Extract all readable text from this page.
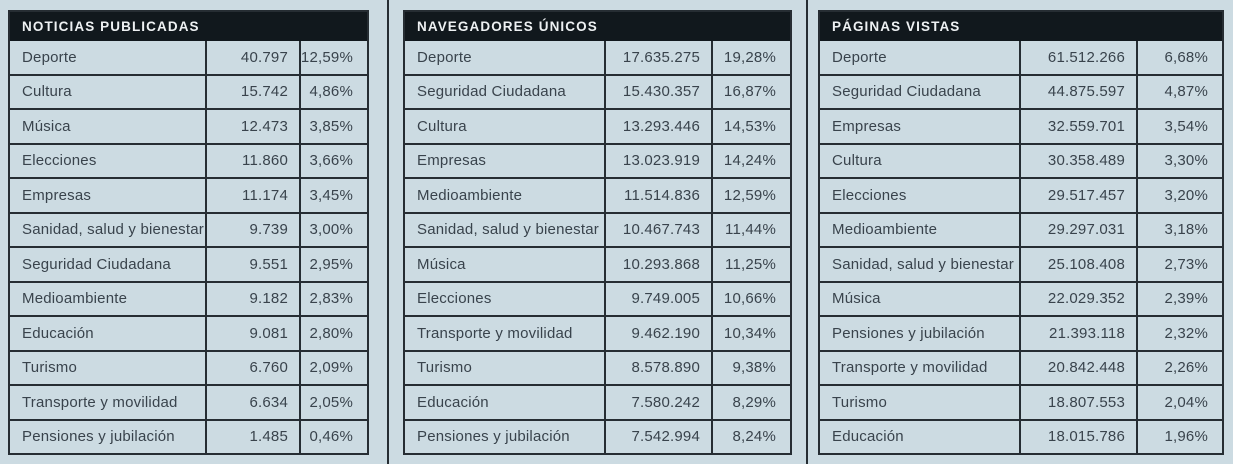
NOTICIAS PUBLICADAS
Deporte	40.797 12,59%
Cultura	15.742	4,86%
Música	12.473	3,85%
Elecciones	11.860	3,66%
Empresas	11.174	3,45%
Sanidad, salud y bienestar	9.739	3,00%
Seguridad Ciudadana	9.551	2,95%
Medioambiente	9.182	2,83%
Educación	9.081	2,80%
Turismo	6.760	2,09%
Transporte y movilidad	6.634	2,05%
Pensiones y jubilación	1.485	0,46%
NAVEGADORES ÚNICOS
Deporte	17.635.275	19,28%
Seguridad Ciudadana	15.430.357	16,87%
Cultura	13.293.446	14,53%
Empresas	13.023.919	14,24%
Medioambiente	11.514.836	12,59%
Sanidad, salud y bienestar	10.467.743	11,44%
Música	10.293.868	11,25%
Elecciones	9.749.005	10,66%
Transporte y movilidad	9.462.190	10,34%
Turismo	8.578.890	9,38%
Educación	7.580.242	8,29%
Pensiones y jubilación	7.542.994	8,24%
PÁGINAS VISTAS
Deporte	61.512.266	6,68%
Seguridad Ciudadana	44.875.597	4,87%
Empresas	32.559.701	3,54%
Cultura	30.358.489	3,30%
Elecciones	29.517.457	3,20%
Medioambiente	29.297.031	3,18%
Sanidad, salud y bienestar	25.108.408	2,73%
Música	22.029.352	2,39%
Pensiones y jubilación	21.393.118	2,32%
Transporte y movilidad	20.842.448	2,26%
Turismo	18.807.553	2,04%
Educación	18.015.786	1,96%
